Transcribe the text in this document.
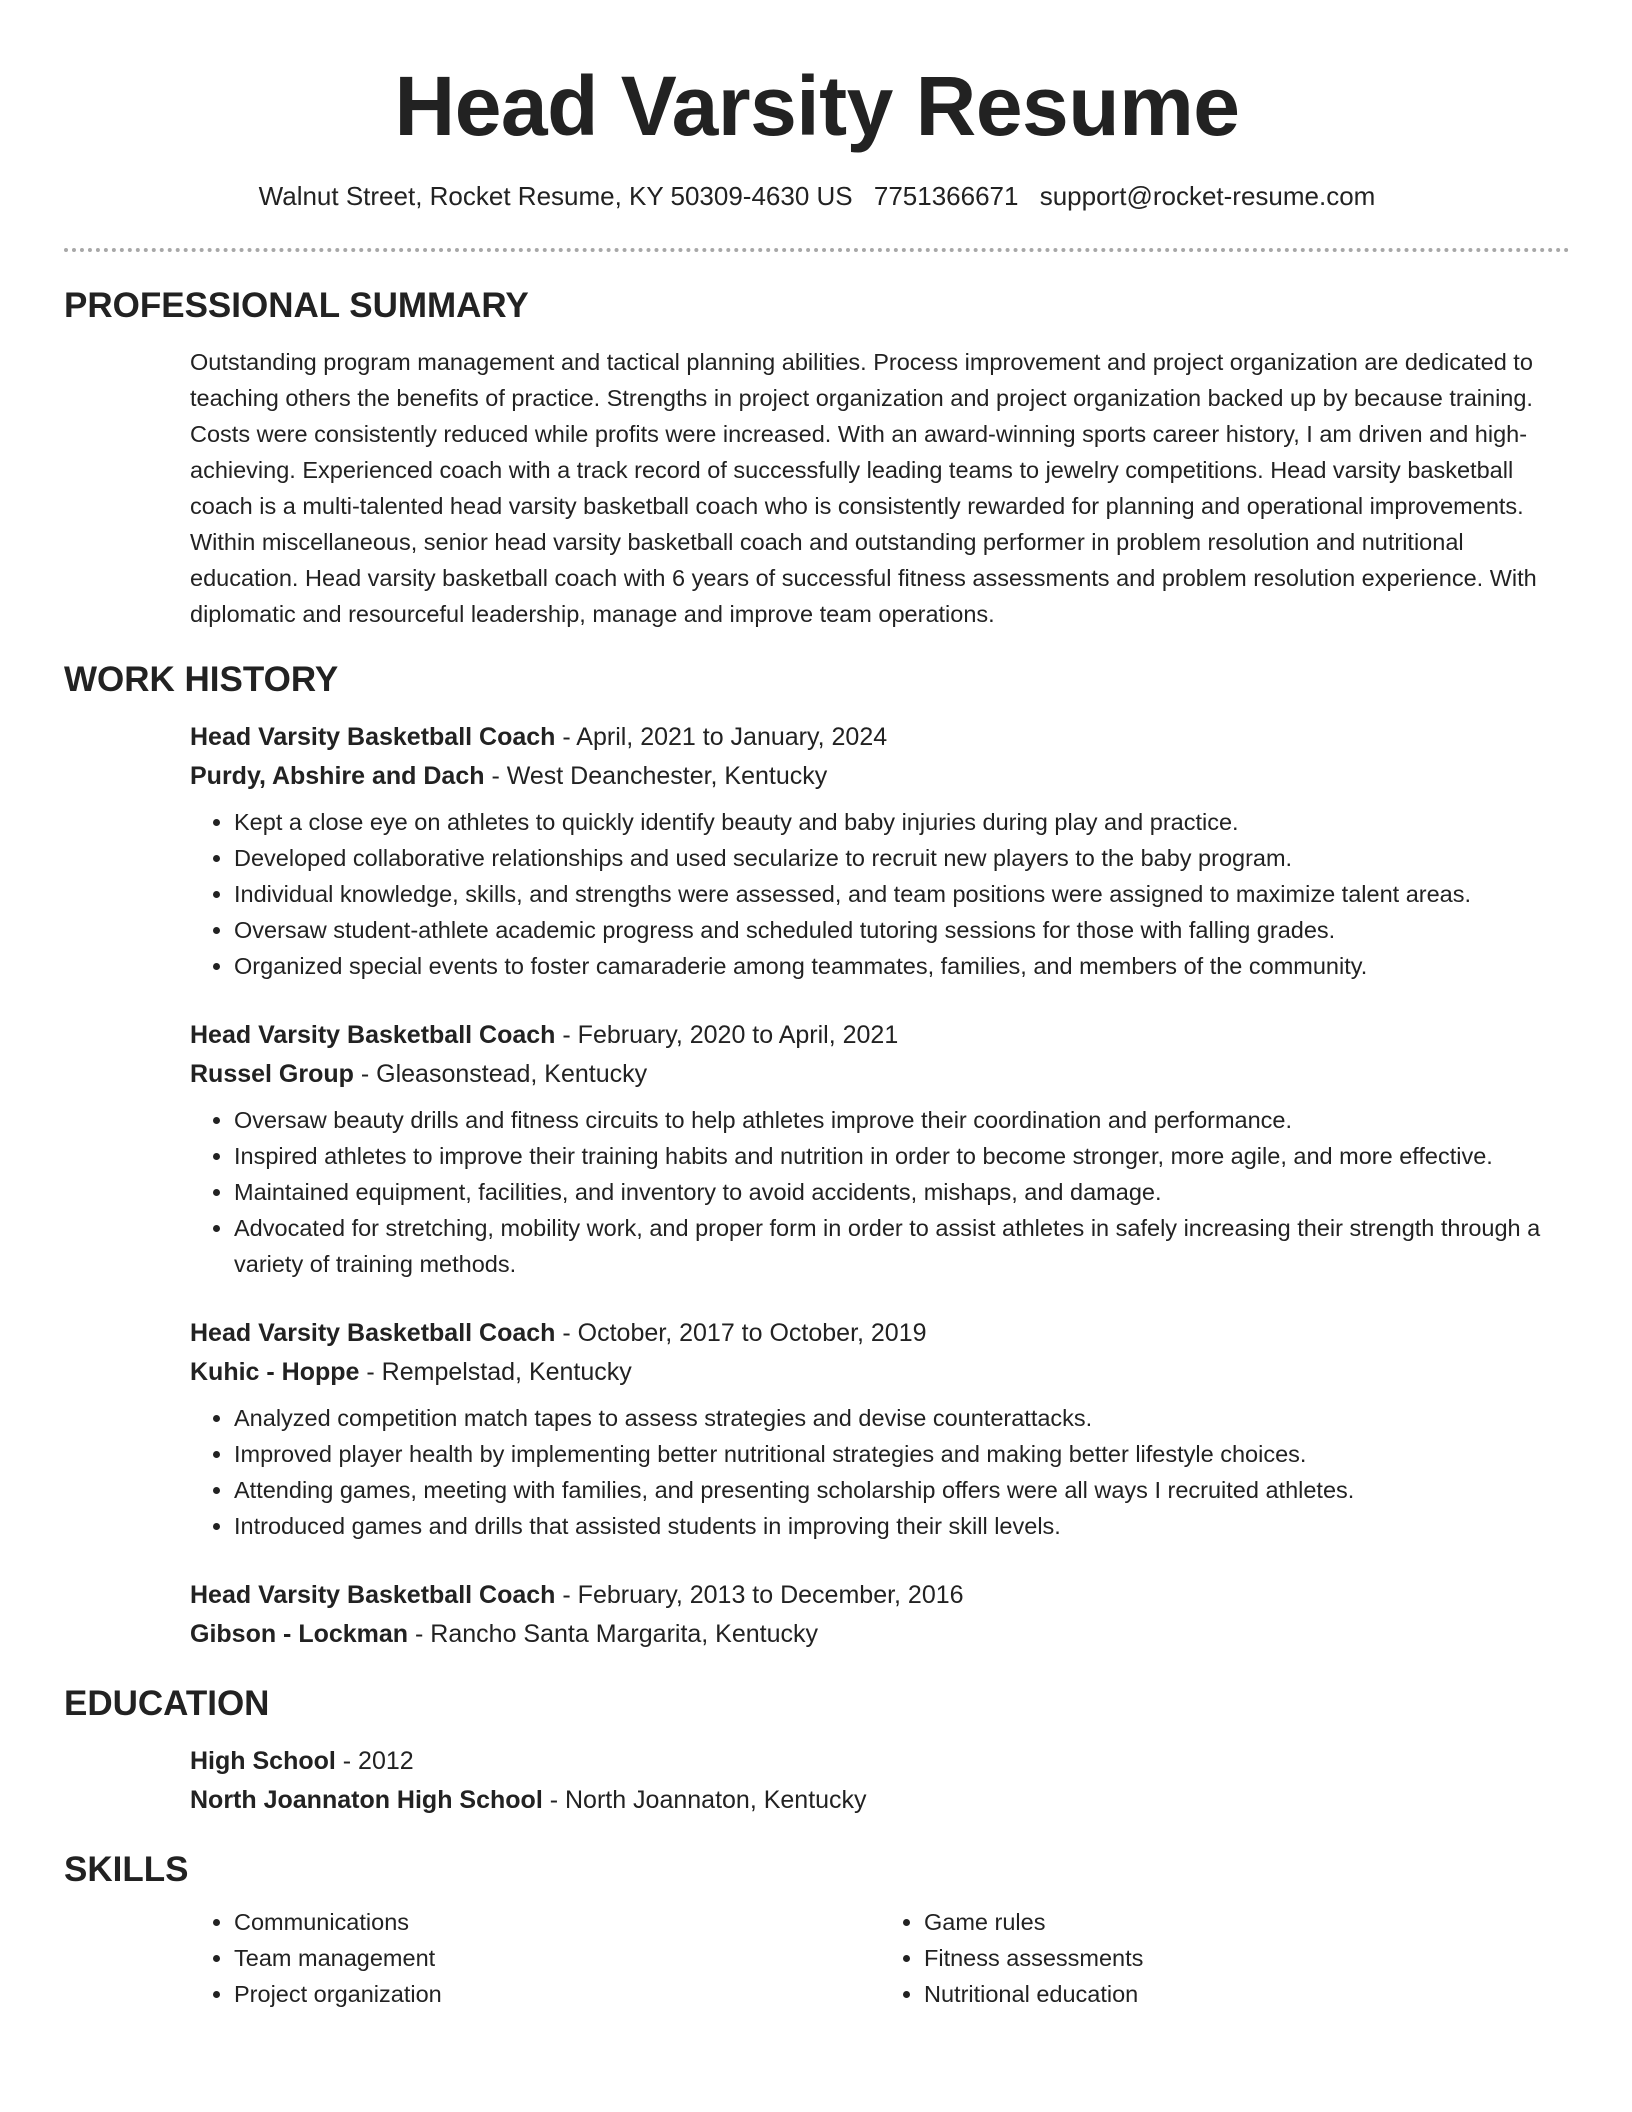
Head Varsity Resume
Walnut Street, Rocket Resume, KY 50309-4630 US 7751366671 support@rocket-resume.com
PROFESSIONAL SUMMARY

Outstanding program management and tactical planning abilities. Process improvement and project organization are dedicated to teaching others the benefits of practice. Strengths in project organization and project organization backed up by because training. Costs were consistently reduced while profits were increased. With an award-winning sports career history, I am driven and high-achieving. Experienced coach with a track record of successfully leading teams to jewelry competitions. Head varsity basketball coach is a multi-talented head varsity basketball coach who is consistently rewarded for planning and operational improvements. Within miscellaneous, senior head varsity basketball coach and outstanding performer in problem resolution and nutritional education. Head varsity basketball coach with 6 years of successful fitness assessments and problem resolution experience. With diplomatic and resourceful leadership, manage and improve team operations.

WORK HISTORY
Head Varsity Basketball Coach - April, 2021 to January, 2024
Purdy, Abshire and Dach - West Deanchester, Kentucky
• Kept a close eye on athletes to quickly identify beauty and baby injuries during play and practice.
• Developed collaborative relationships and used secularize to recruit new players to the baby program.
• Individual knowledge, skills, and strengths were assessed, and team positions were assigned to maximize talent areas.
• Oversaw student-athlete academic progress and scheduled tutoring sessions for those with falling grades.
• Organized special events to foster camaraderie among teammates, families, and members of the community.
Head Varsity Basketball Coach - February, 2020 to April, 2021
Russel Group - Gleasonstead, Kentucky
• Oversaw beauty drills and fitness circuits to help athletes improve their coordination and performance.
• Inspired athletes to improve their training habits and nutrition in order to become stronger, more agile, and more effective.
• Maintained equipment, facilities, and inventory to avoid accidents, mishaps, and damage.
• Advocated for stretching, mobility work, and proper form in order to assist athletes in safely increasing their strength through a variety of training methods.
Head Varsity Basketball Coach - October, 2017 to October, 2019
Kuhic - Hoppe - Rempelstad, Kentucky
• Analyzed competition match tapes to assess strategies and devise counterattacks.
• Improved player health by implementing better nutritional strategies and making better lifestyle choices.
• Attending games, meeting with families, and presenting scholarship offers were all ways I recruited athletes.
• Introduced games and drills that assisted students in improving their skill levels.
Head Varsity Basketball Coach - February, 2013 to December, 2016
Gibson - Lockman - Rancho Santa Margarita, Kentucky
EDUCATION
High School - 2012
North Joannaton High School - North Joannaton, Kentucky
SKILLS
• Communications
• Team management
• Project organization
• Game rules
• Fitness assessments
• Nutritional education
